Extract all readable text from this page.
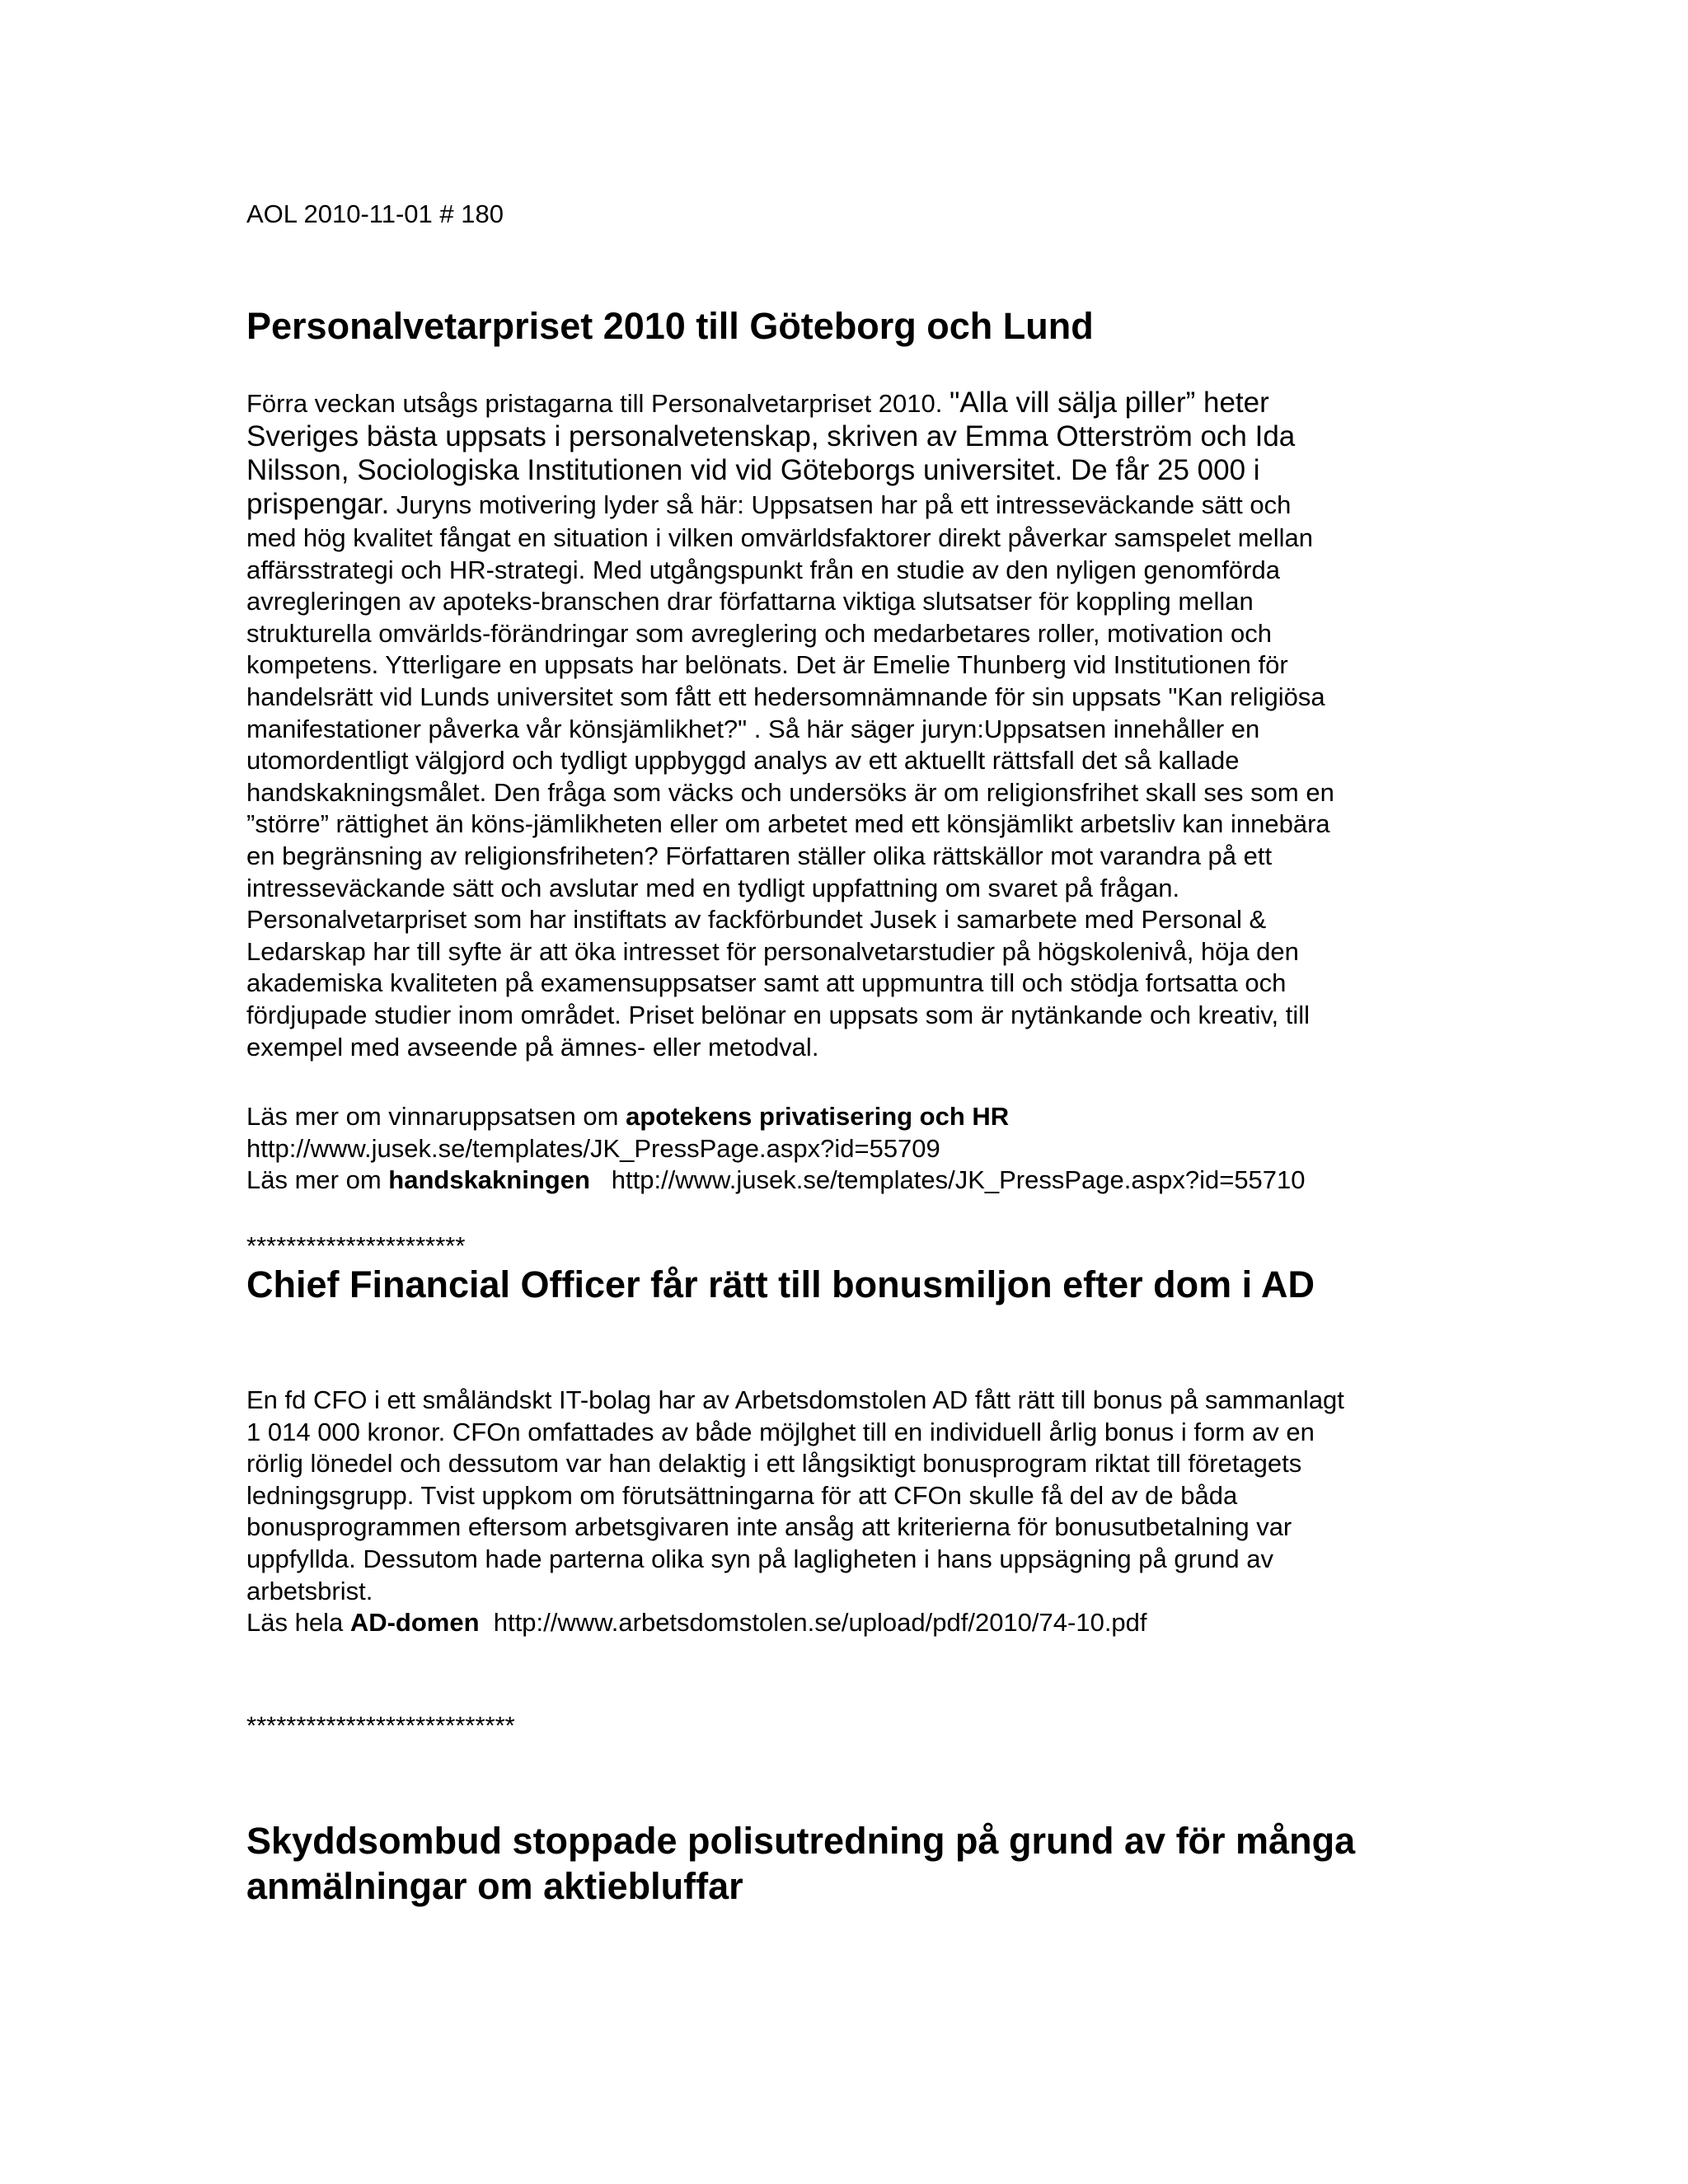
AOL 2010-11-01 # 180

Personalvetarpriset 2010 till Göteborg och Lund
Förra veckan utsågs pristagarna till Personalvetarpriset 2010. "Alla vill sälja piller” heter
Sveriges bästa uppsats i personalvetenskap, skriven av Emma Otterström och Ida
Nilsson, Sociologiska Institutionen vid vid Göteborgs universitet. De får 25 000 i
prispengar. Juryns motivering lyder så här: Uppsatsen har på ett intresseväckande sätt och
med hög kvalitet fångat en situation i vilken omvärldsfaktorer direkt påverkar samspelet mellan
affärsstrategi och HR-strategi. Med utgångspunkt från en studie av den nyligen genomförda
avregleringen av apoteks-branschen drar författarna viktiga slutsatser för koppling mellan
strukturella omvärlds-förändringar som avreglering och medarbetares roller, motivation och
kompetens. Ytterligare en uppsats har belönats. Det är Emelie Thunberg vid Institutionen för
handelsrätt vid Lunds universitet som fått ett hedersomnämnande för sin uppsats "Kan religiösa
manifestationer påverka vår könsjämlikhet?" . Så här säger juryn:Uppsatsen innehåller en
utomordentligt välgjord och tydligt uppbyggd analys av ett aktuellt rättsfall det så kallade
handskakningsmålet. Den fråga som väcks och undersöks är om religionsfrihet skall ses som en
”större” rättighet än köns-jämlikheten eller om arbetet med ett könsjämlikt arbetsliv kan innebära
en begränsning av religionsfriheten? Författaren ställer olika rättskällor mot varandra på ett
intresseväckande sätt och avslutar med en tydligt uppfattning om svaret på frågan.
Personalvetarpriset som har instiftats av fackförbundet Jusek i samarbete med Personal &
Ledarskap har till syfte är att öka intresset för personalvetarstudier på högskolenivå, höja den
akademiska kvaliteten på examensuppsatser samt att uppmuntra till och stödja fortsatta och
fördjupade studier inom området. Priset belönar en uppsats som är nytänkande och kreativ, till
exempel med avseende på ämnes- eller metodval.
Läs mer om vinnaruppsatsen om apotekens privatisering och HR
http://www.jusek.se/templates/JK_PressPage.aspx?id=55709
Läs mer om handskakningen http://www.jusek.se/templates/JK_PressPage.aspx?id=55710

**********************

Chief Financial Officer får rätt till bonusmiljon efter dom i AD
En fd CFO i ett småländskt IT-bolag har av Arbetsdomstolen AD fått rätt till bonus på sammanlagt
1 014 000 kronor. CFOn omfattades av både möjlghet till en individuell årlig bonus i form av en
rörlig lönedel och dessutom var han delaktig i ett långsiktigt bonusprogram riktat till företagets
ledningsgrupp. Tvist uppkom om förutsättningarna för att CFOn skulle få del av de båda
bonusprogrammen eftersom arbetsgivaren inte ansåg att kriterierna för bonusutbetalning var
uppfyllda. Dessutom hade parterna olika syn på lagligheten i hans uppsägning på grund av
arbetsbrist.
Läs hela AD-domen http://www.arbetsdomstolen.se/upload/pdf/2010/74-10.pdf

***************************

Skyddsombud stoppade polisutredning på grund av för många
anmälningar om aktiebluffar
